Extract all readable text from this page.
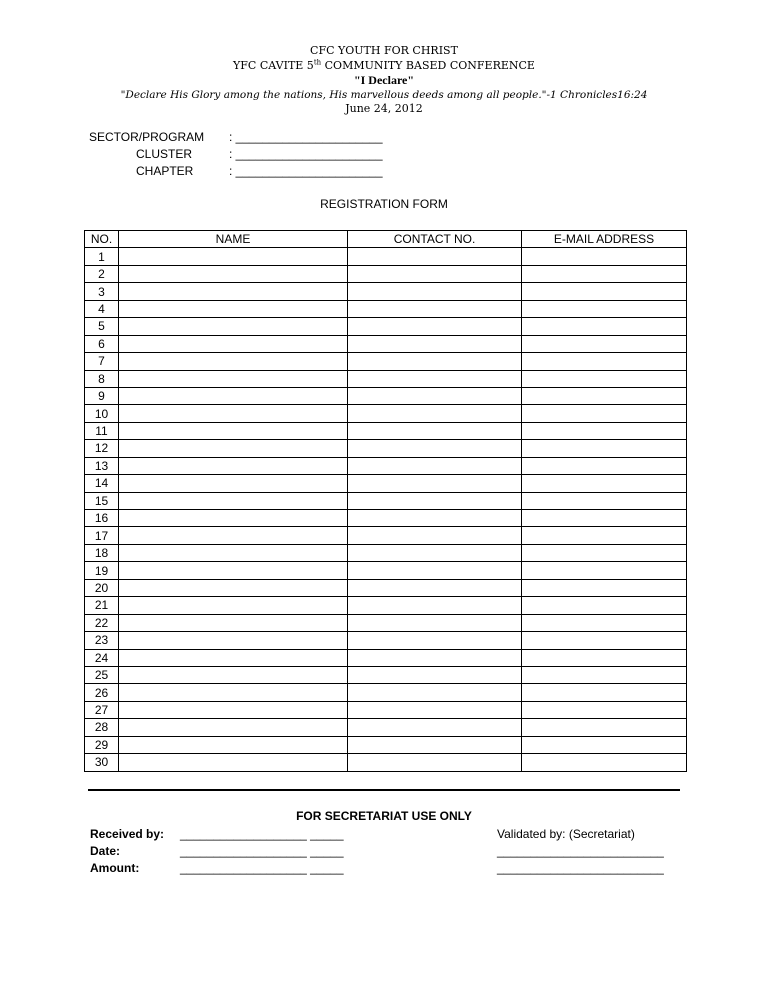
CFC YOUTH FOR CHRIST
YFC CAVITE 5th COMMUNITY BASED CONFERENCE
"I Declare"
"Declare His Glory among the nations, His marvellous deeds among all people."-1 Chronicles16:24
June 24, 2012
SECTOR/PROGRAM : ______________________
CLUSTER	: ______________________
CHAPTER	: ______________________
REGISTRATION FORM
NO.	NAME	CONTACT NO.	E-MAIL ADDRESS
1			
2			
3			
4			
5			
6			
7			
8			
9			
10			
11			
12			
13			
14			
15			
16			
17			
18			
19			
20			
21			
22			
23			
24			
25			
26			
27			
28			
29			
30			
FOR SECRETARIAT USE ONLY
Received by: ___________________ _____
Date:	___________________ _____
Amount:	___________________ _____
Validated by: (Secretariat)
_________________________
_________________________
